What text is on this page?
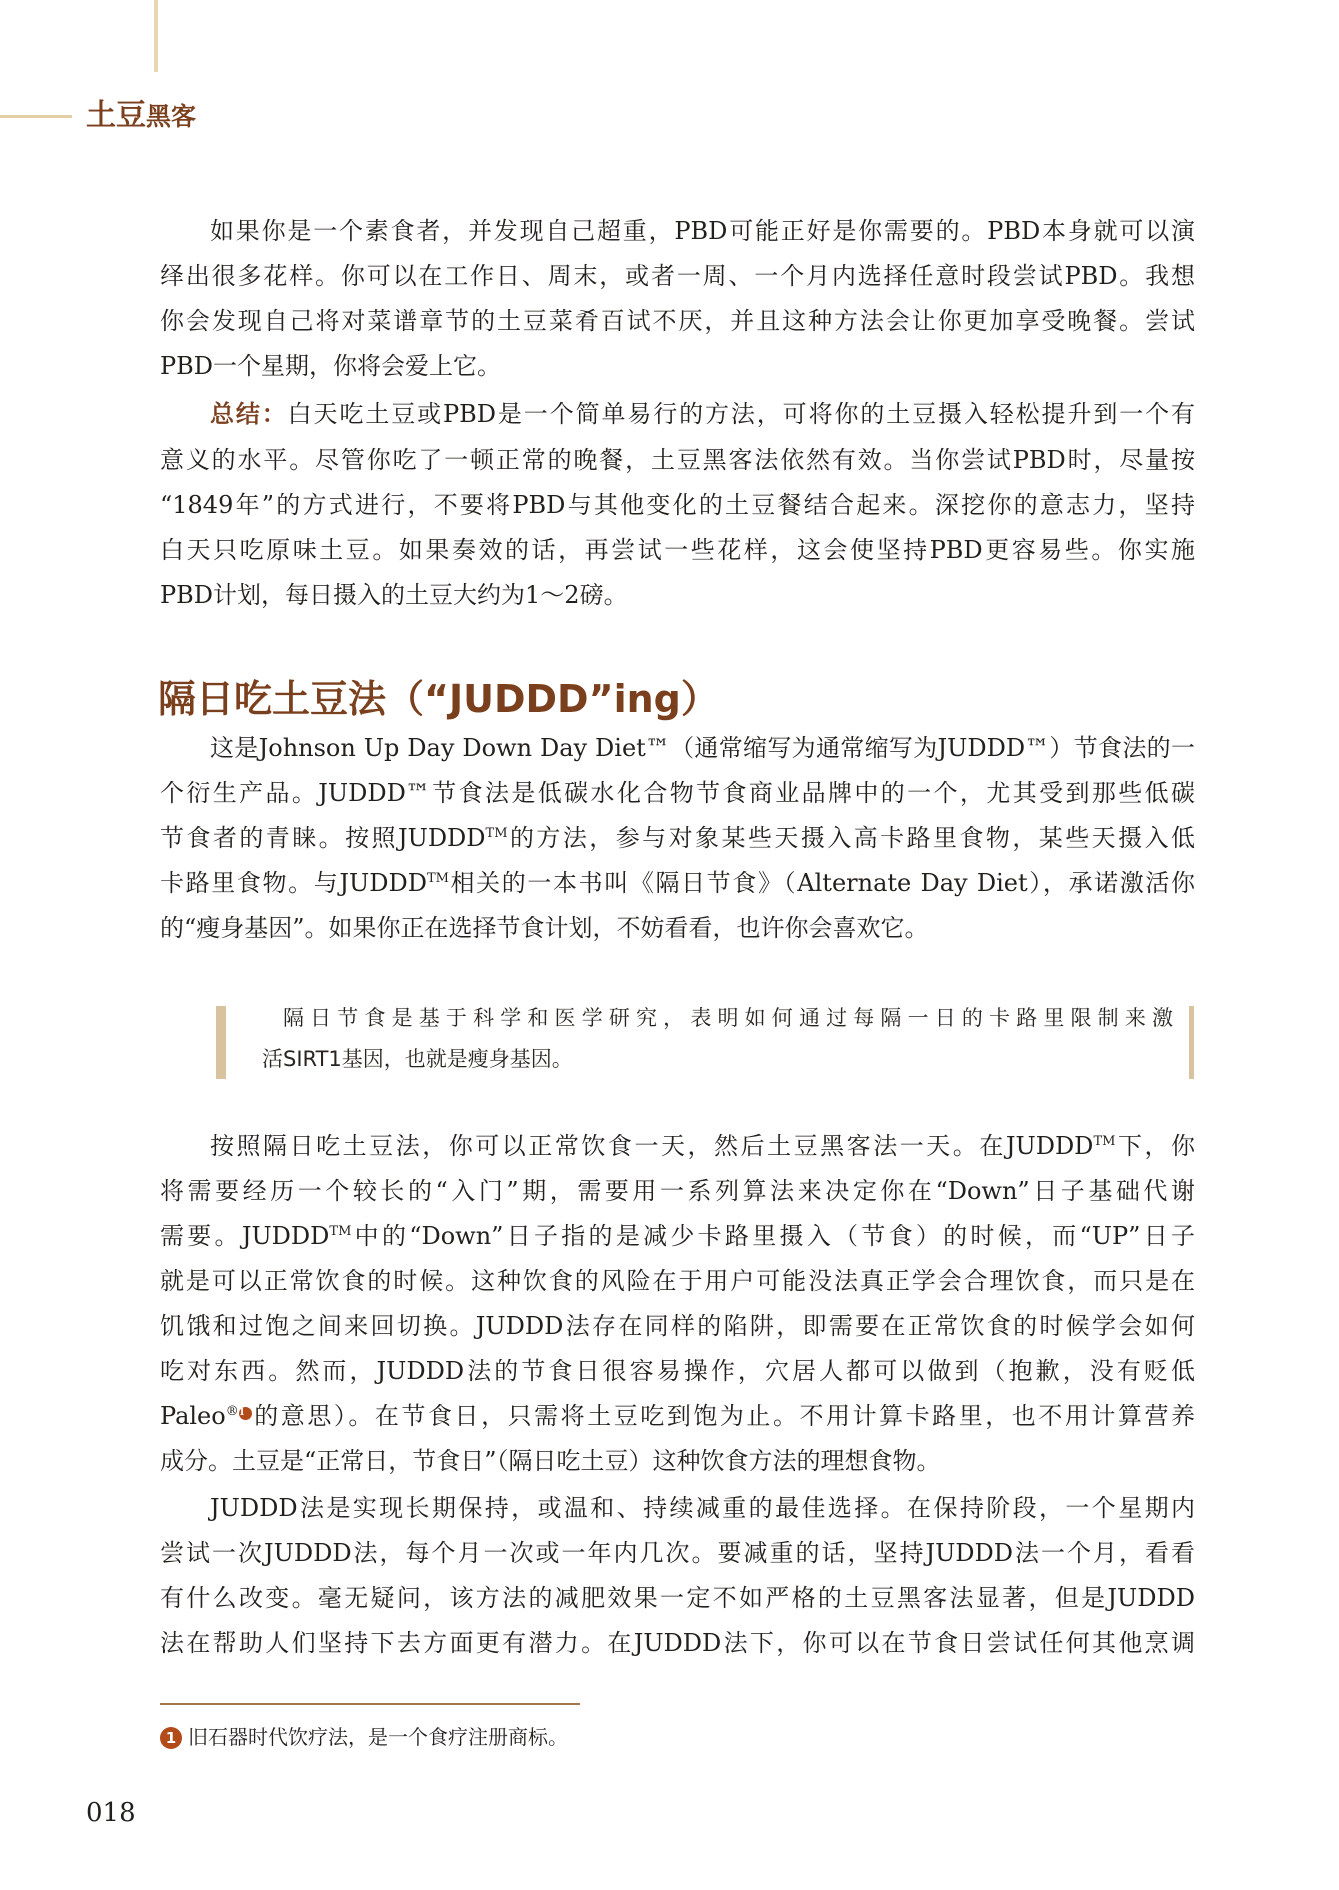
土豆黑客
如果你是一个素食者，并发现自己超重，PBD可能正好是你需要的。PBD本身就可以演
绎出很多花样。你可以在工作日、周末，或者一周、一个月内选择任意时段尝试PBD。我想
你会发现自己将对菜谱章节的土豆菜肴百试不厌，并且这种方法会让你更加享受晚餐。尝试
PBD一个星期，你将会爱上它。
总结：白天吃土豆或PBD是一个简单易行的方法，可将你的土豆摄入轻松提升到一个有
意义的水平。尽管你吃了一顿正常的晚餐，土豆黑客法依然有效。当你尝试PBD时，尽量按
“1849年”的方式进行，不要将PBD与其他变化的土豆餐结合起来。深挖你的意志力，坚持
白天只吃原味土豆。如果奏效的话，再尝试一些花样，这会使坚持PBD更容易些。你实施
PBD计划，每日摄入的土豆大约为1～2磅。
隔日吃土豆法（“JUDDD”ing）
这是Johnson Up Day Down Day Diet™（通常缩写为通常缩写为JUDDD™）节食法的一
个衍生产品。JUDDD™节食法是低碳水化合物节食商业品牌中的一个，尤其受到那些低碳
节食者的青睐。按照JUDDD™的方法，参与对象某些天摄入高卡路里食物，某些天摄入低
卡路里食物。与JUDDD™相关的一本书叫《隔日节食》（Alternate Day Diet），承诺激活你
的“瘦身基因”。如果你正在选择节食计划，不妨看看，也许你会喜欢它。
隔日节食是基于科学和医学研究，表明如何通过每隔一日的卡路里限制来激
活SIRT1基因，也就是瘦身基因。
按照隔日吃土豆法，你可以正常饮食一天，然后土豆黑客法一天。在JUDDD™下，你
将需要经历一个较长的“入门”期，需要用一系列算法来决定你在“Down”日子基础代谢
需要。JUDDD™中的“Down”日子指的是减少卡路里摄入（节食）的时候，而“UP”日子
就是可以正常饮食的时候。这种饮食的风险在于用户可能没法真正学会合理饮食，而只是在
饥饿和过饱之间来回切换。JUDDD法存在同样的陷阱，即需要在正常饮食的时候学会如何
吃对东西。然而，JUDDD法的节食日很容易操作，穴居人都可以做到（抱歉，没有贬低
Paleo$^{®1}$ 的意思）。在节食日，只需将土豆吃到饱为止。不用计算卡路里，也不用计算营养
成分。土豆是“正常日，节食日”（隔日吃土豆）这种饮食方法的理想食物。
JUDDD法是实现长期保持，或温和、持续减重的最佳选择。在保持阶段，一个星期内
尝试一次JUDDD法，每个月一次或一年内几次。要减重的话，坚持JUDDD法一个月，看看
有什么改变。毫无疑问，该方法的减肥效果一定不如严格的土豆黑客法显著，但是JUDDD
法在帮助人们坚持下去方面更有潜力。在JUDDD法下，你可以在节食日尝试任何其他烹调
1 旧石器时代饮疗法，是一个食疗注册商标。
018
